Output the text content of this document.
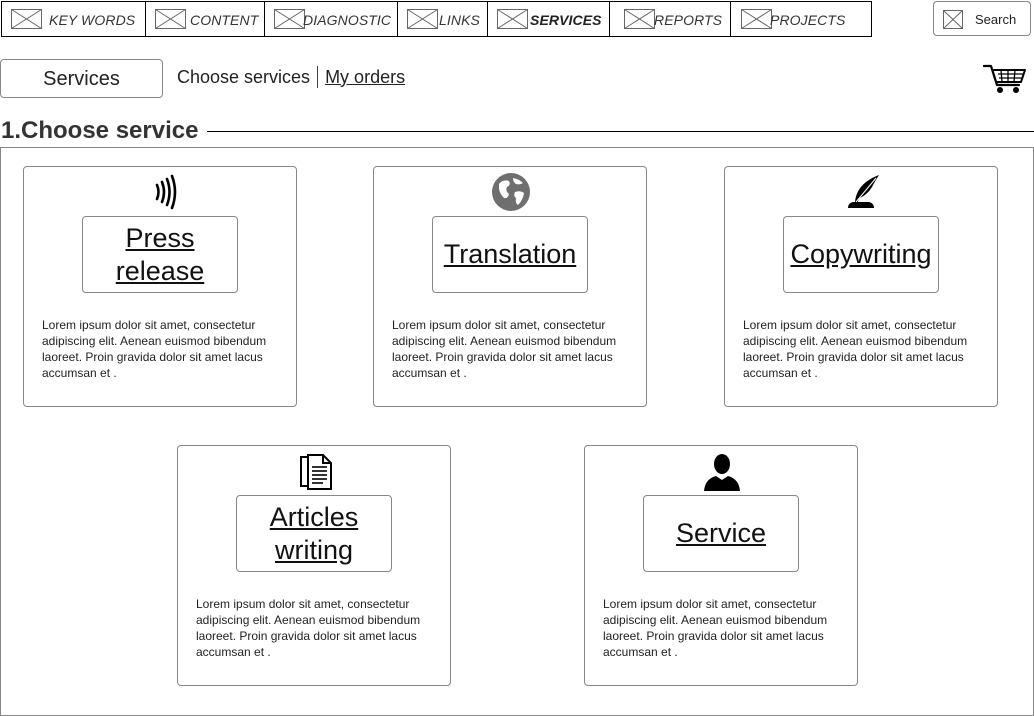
KEY WORDS	CONTENT	DIAGNOSTIC	LINKS	SERVICES	REPORTS	PROJECTS	Search
Services	Choose services My orders
1.Choose service
Press release
Lorem ipsum dolor sit amet, consectetur adipiscing elit. Aenean euismod bibendum laoreet. Proin gravida dolor sit amet lacus accumsan et .
Translation
Lorem ipsum dolor sit amet, consectetur adipiscing elit. Aenean euismod bibendum laoreet. Proin gravida dolor sit amet lacus accumsan et .
Copywriting
Lorem ipsum dolor sit amet, consectetur adipiscing elit. Aenean euismod bibendum laoreet. Proin gravida dolor sit amet lacus accumsan et .
Articles writing
Lorem ipsum dolor sit amet, consectetur adipiscing elit. Aenean euismod bibendum laoreet. Proin gravida dolor sit amet lacus accumsan et .
Service
Lorem ipsum dolor sit amet, consectetur adipiscing elit. Aenean euismod bibendum laoreet. Proin gravida dolor sit amet lacus accumsan et .
